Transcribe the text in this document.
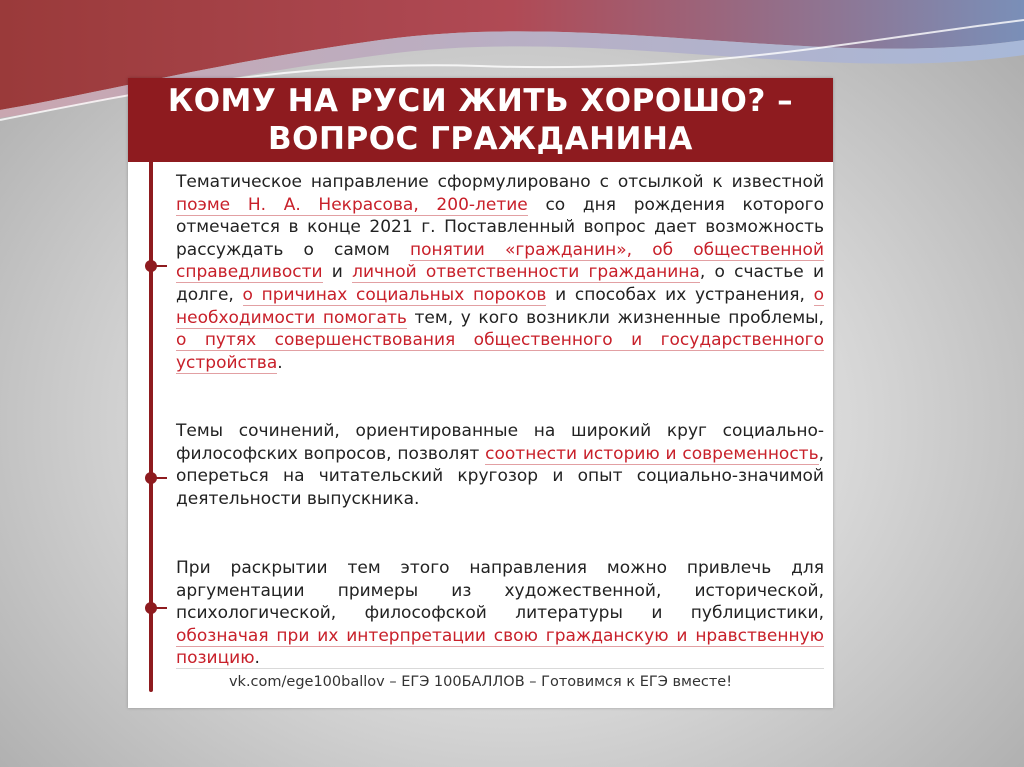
КОМУ НА РУСИ ЖИТЬ ХОРОШО? –
ВОПРОС ГРАЖДАНИНА
Тематическое направление сформулировано с отсылкой к известной поэме Н. А. Некрасова, 200-летие со дня рождения которого отмечается в конце 2021 г. Поставленный вопрос дает возможность рассуждать о самом понятии «гражданин», об общественной справедливости и личной ответственности гражданина, о счастье и долге, о причинах социальных пороков и способах их устранения, о необходимости помогать тем, у кого возникли жизненные проблемы, о путях совершенствования общественного и государственного устройства.
Темы сочинений, ориентированные на широкий круг социально-философских вопросов, позволят соотнести историю и современность, опереться на читательский кругозор и опыт социально-значимой деятельности выпускника.
При раскрытии тем этого направления можно привлечь для аргументации примеры из художественной, исторической, психологической, философской литературы и публицистики, обозначая при их интерпретации свою гражданскую и нравственную позицию.
vk.com/ege100ballov – ЕГЭ 100БАЛЛОВ – Готовимся к ЕГЭ вместе!
